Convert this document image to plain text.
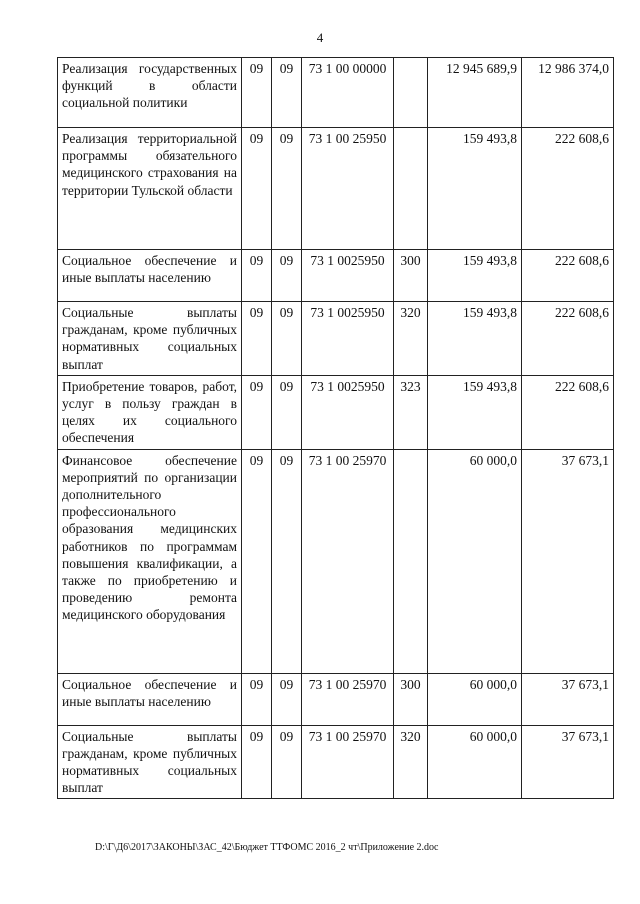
4
Реализация государственных функций в области социальной политики	09	09	73 1 00 00000		12 945 689,9	12 986 374,0
Реализация территориальной программы обязательного медицинского страхования на территории Тульской области	09	09	73 1 00 25950		159 493,8	222 608,6
Социальное обеспечение и иные выплаты населению	09	09	73 1 0025950	300	159 493,8	222 608,6
Социальные выплаты гражданам, кроме публичных нормативных социальных выплат	09	09	73 1 0025950	320	159 493,8	222 608,6
Приобретение товаров, работ, услуг в пользу граждан в целях их социального обеспечения	09	09	73 1 0025950	323	159 493,8	222 608,6
Финансовое обеспечение мероприятий по организации дополнительного профессионального образования медицинских работников по программам повышения квалификации, а также по приобретению и проведению ремонта медицинского оборудования	09	09	73 1 00 25970		60 000,0	37 673,1
Социальное обеспечение и иные выплаты населению	09	09	73 1 00 25970	300	60 000,0	37 673,1
Социальные выплаты гражданам, кроме публичных нормативных социальных выплат	09	09	73 1 00 25970	320	60 000,0	37 673,1
D:\Г\Д6\2017\ЗАКОНЫ\ЗАС_42\Бюджет ТТФОМС 2016_2 чт\Приложение 2.doc
